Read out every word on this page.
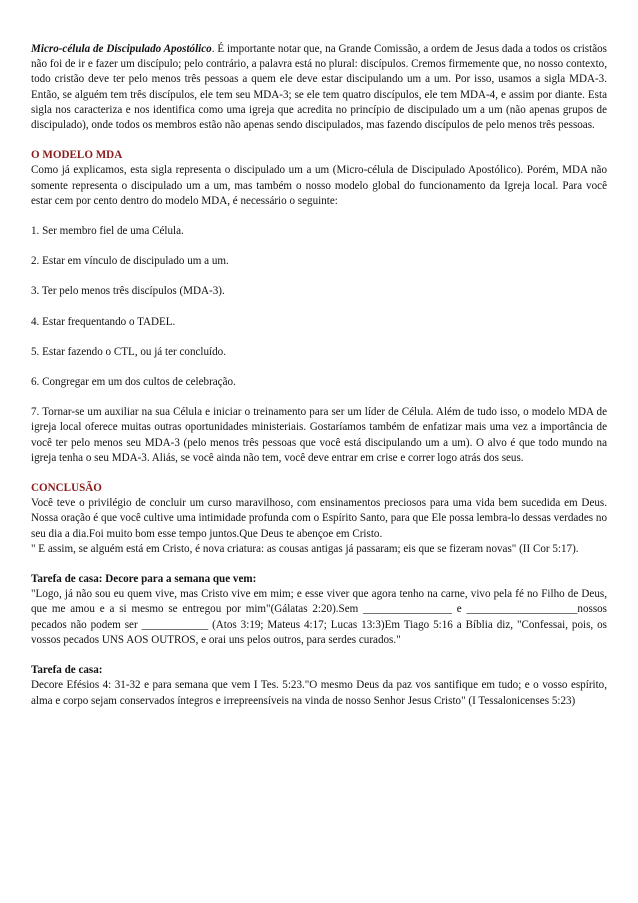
Micro-célula de Discipulado Apostólico. É importante notar que, na Grande Comissão, a ordem de Jesus dada a todos os cristãos não foi de ir e fazer um discípulo; pelo contrário, a palavra está no plural: discípulos. Cremos firmemente que, no nosso contexto, todo cristão deve ter pelo menos três pessoas a quem ele deve estar discipulando um a um. Por isso, usamos a sigla MDA-3. Então, se alguém tem três discípulos, ele tem seu MDA-3; se ele tem quatro discípulos, ele tem MDA-4, e assim por diante. Esta sigla nos caracteriza e nos identifica como uma igreja que acredita no princípio de discipulado um a um (não apenas grupos de discipulado), onde todos os membros estão não apenas sendo discipulados, mas fazendo discípulos de pelo menos três pessoas.

O MODELO MDA

Como já explicamos, esta sigla representa o discipulado um a um (Micro-célula de Discipulado Apostólico). Porém, MDA não somente representa o discipulado um a um, mas também o nosso modelo global do funcionamento da Igreja local. Para você estar cem por cento dentro do modelo MDA, é necessário o seguinte:

1. Ser membro fiel de uma Célula.

2. Estar em vínculo de discipulado um a um.

3. Ter pelo menos três discípulos (MDA-3).

4. Estar frequentando o TADEL.

5. Estar fazendo o CTL, ou já ter concluído.

6. Congregar em um dos cultos de celebração.

7. Tornar-se um auxiliar na sua Célula e iniciar o treinamento para ser um líder de Célula. Além de tudo isso, o modelo MDA de igreja local oferece muitas outras oportunidades ministeriais. Gostaríamos também de enfatizar mais uma vez a importância de você ter pelo menos seu MDA-3 (pelo menos três pessoas que você está discipulando um a um). O alvo é que todo mundo na igreja tenha o seu MDA-3. Aliás, se você ainda não tem, você deve entrar em crise e correr logo atrás dos seus.

CONCLUSÃO

Você teve o privilégio de concluir um curso maravilhoso, com ensinamentos preciosos para uma vida bem sucedida em Deus. Nossa oração é que você cultive uma intimidade profunda com o Espírito Santo, para que Ele possa lembra-lo dessas verdades no seu dia a dia.Foi muito bom esse tempo juntos.Que Deus te abençoe em Cristo.

" E assim, se alguém está em Cristo, é nova criatura: as cousas antigas já passaram; eis que se fizeram novas" (II Cor 5:17).

Tarefa de casa: Decore para a semana que vem:

"Logo, já não sou eu quem vive, mas Cristo vive em mim; e esse viver que agora tenho na carne, vivo pela fé no Filho de Deus, que me amou e a si mesmo se entregou por mim"(Gálatas 2:20).Sem ________________ e ____________________nossos pecados não podem ser ____________ (Atos 3:19; Mateus 4:17; Lucas 13:3)Em Tiago 5:16 a Bíblia diz, "Confessai, pois, os vossos pecados UNS AOS OUTROS, e orai uns pelos outros, para serdes curados."

Tarefa de casa:

Decore Efésios 4: 31-32 e para semana que vem I Tes. 5:23."O mesmo Deus da paz vos santifique em tudo; e o vosso espírito, alma e corpo sejam conservados íntegros e irrepreensíveis na vinda de nosso Senhor Jesus Cristo" (I Tessalonicenses 5:23)
